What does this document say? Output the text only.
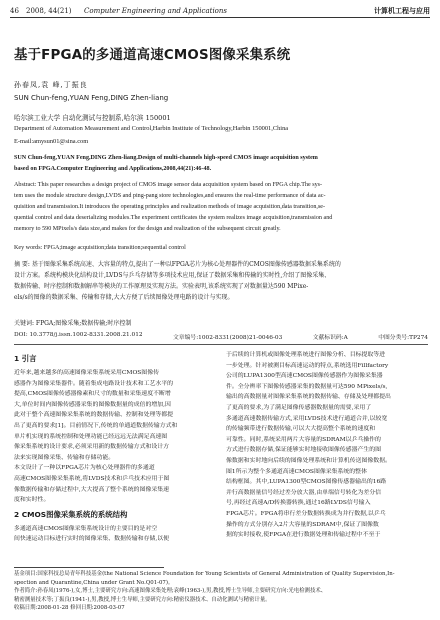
46	2008, 44(21)	Computer Engineering and Applications	计算机工程与应用
基于FPGA的多通道高速CMOS图像采集系统
孙春凤,袁 峰,丁振良
SUN Chun-feng,YUAN Feng,DING Zhen-liang
哈尔滨工业大学 自动化测试与控制系,哈尔滨 150001
Department of Automation Measurement and Control,Harbin Institute of Technology,Harbin 150001,China
E-mail:amysun01@sina.com
SUN Chun-feng,YUAN Feng,DING Zhen-liang.Design of multi-channels high-speed CMOS image acquisition system
based on FPGA.Computer Engineering and Applications,2008,44(21):46-48.
Abstract: This paper researches a design project of CMOS image sensor data acquisition system based on FPGA chip.The sys-
tem uses the module structure design,LVDS and ping-pang store technologies,and ensures the real-time performance of data ac-
quisition and transmission.It introduces the operating principles and realization methods of image acquisition,data transition,se-
quential control and data deserializing modules.The experiment certificates the system realizes image acquisition,transmission and
memory to 590 MPixels/s data size,and makes for the design and realization of the subsequent circuit greatly.
Key words: FPGA;image acquisition;data transition;sequential control
摘 要: 基于图像采集系统高速、大容量的特点,提出了一种以FPGA芯片为核心处理器件的CMOS图像传感器数据采集系统的
设计方案。系统构模块化结构设计,LVDS与乒乓存储等多项技术应用,保证了数据采集和传输的实时性,介绍了图像采集、
数据传输、时序控制和数据解串等模块的工作原理及实现方法。实验表明,该系统实现了对数据量达590 MPixe-
els/s的图像的数据采集、传输和存储,大大方便了后续图像处理电路的设计与实现。
关键词: FPGA;图像采集;数据传输;时序控制
DOI: 10.3778/j.issn.1002-8331.2008.21.012	文章编号:1002-8331(2008)21-0046-03	文献标识码:A	中图分类号:TP274
1 引言
近年来,越来越多的高速图像采集系统采用CMOS图像传
感器作为图像采集器件。随着集成电路设计技术和工艺水平的
提高,CMOS图像传感器像素和尺寸的数量和采集速度不断增
大,单位时间内图像传感器采集的图像数据量的成倍的增加,因
此对于整个高速图像采集系统的数据传输、控制和处理等都提
出了更高的要求[1]。目前情况下,传统的单通道数据传输方式和
单片机实现的系统控制和处理功能已经远远无法满足高速图
像采集系统的设计要求,必须采用新的数据传输方式和设计方
法来实现图像采集、传输和存储功能。
本文设计了一种以FPGA芯片为核心处理器件的多通道
高速CMOS图像采集系统,将LVDS技术和乒乓技术应用于图
像数据传输和存储过程中,大大提高了整个系统的图像采集速
度和实时性。
2 CMOS图像采集系统的系统结构
多通道高速CMOS图像采集系统设计的主要目的是对空
间快速运动目标进行实时的图像采集、数据传输和存储,以便
于后续的计算机或图像处理系统进行图像分析、目标提取等进
一步处理。针对被测目标高速运动的特点,系统选用Fillfactory
公司的LUPA1300型高速CMOS图像传感器作为图像采集器
件。全分辨率下图像传感器采集的数据量可达590 MPixels/s,
输出的高数据量对图像采集系统的数据传输、存储及处理都提出
了更高的要求,为了满足图像传感器数据量的需要,采用了
多通道高速数据传输方式,采用LVDS技术进行通道合并,以较宽
的传输频带进行数据传输,可以大大提高整个系统的速度和
可靠性。同时,系统采用两片大容量的SDRAM以乒乓操作的
方式进行数据存储,保证能够实时地接收图像传感器产生的图
像数据和实时地向后续的图像处理系统和计算机传送图像数据。
图1所示为整个多通道高速CMOS图像采集系统的整体
结构框图。其中,LUPA1300型CMOS图像传感器输出的16路
并行高数据量信号经过差分放大器,由单端信号转化为差分信
号,再经过高速A/D转换器转换,通过16路LVDS信号输入
FPGA芯片。FPGA将串行差分数据转换成为并行数据,以乒乓
操作的方式分别存入2片大容量的SDRAM中,保证了图像数
据的实时接收,使FPGA在进行数据处理和传输过程中不至于
基金项目:国家科技总局青年科技基金(the National Science Foundation for Young Scientists of General Administration of Quality Supervision,In-
spection and Quarantine,China under Grant No.Q01-07)。
作者简介:孙春凤(1976-),女,博士,主要研究方向:高速图像采集处理;袁峰(1963-),男,教授,博士生导师,主要研究方向:光电检测技术、
精密测量技术等;丁振良(1941-),男,教授,博士生导师,主要研究方向:精密仪器技术、自动化测试与精密计量。
收稿日期:2008-01-28 修回日期:2008-03-07
